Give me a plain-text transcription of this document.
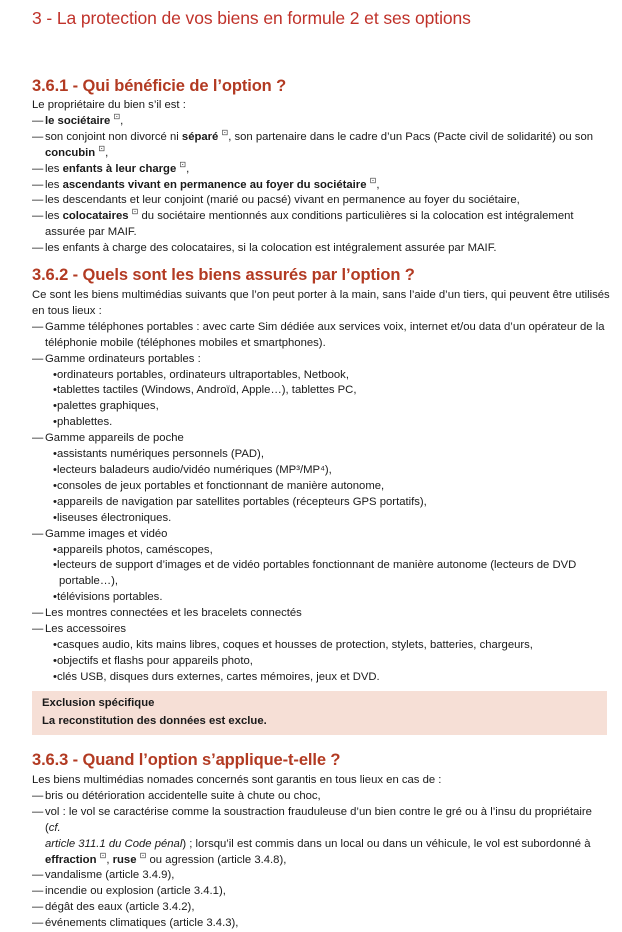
3 - La protection de vos biens en formule 2 et ses options
3.6.1 - Qui bénéficie de l’option ?
Le propriétaire du bien s’il est :
— le sociétaire ⊡,
— son conjoint non divorcé ni séparé ⊡, son partenaire dans le cadre d’un Pacs (Pacte civil de solidarité) ou son
concubin ⊡,
— les enfants à leur charge ⊡,
— les ascendants vivant en permanence au foyer du sociétaire ⊡,
— les descendants et leur conjoint (marié ou pacsé) vivant en permanence au foyer du sociétaire,
— les colocataires ⊡ du sociétaire mentionnés aux conditions particulières si la colocation est intégralement
assurée par MAIF.
— les enfants à charge des colocataires, si la colocation est intégralement assurée par MAIF.
3.6.2 - Quels sont les biens assurés par l’option ?
Ce sont les biens multimédias suivants que l’on peut porter à la main, sans l’aide d’un tiers, qui peuvent être utilisés
en tous lieux :
— Gamme téléphones portables : avec carte Sim dédiée aux services voix, internet et/ou data d’un opérateur de la
téléphonie mobile (téléphones mobiles et smartphones).
— Gamme ordinateurs portables :
•ordinateurs portables, ordinateurs ultraportables, Netbook,
•tablettes tactiles (Windows, Androïd, Apple…), tablettes PC,
•palettes graphiques,
•phablettes.
— Gamme appareils de poche
•assistants numériques personnels (PAD),
•lecteurs baladeurs audio/vidéo numériques (MP³/MP⁴),
•consoles de jeux portables et fonctionnant de manière autonome,
•appareils de navigation par satellites portables (récepteurs GPS portatifs),
•liseuses électroniques.
— Gamme images et vidéo
•appareils photos, caméscopes,
•lecteurs de support d’images et de vidéo portables fonctionnant de manière autonome (lecteurs de DVD
portable…),
•télévisions portables.
— Les montres connectées et les bracelets connectés
— Les accessoires
•casques audio, kits mains libres, coques et housses de protection, stylets, batteries, chargeurs,
•objectifs et flashs pour appareils photo,
•clés USB, disques durs externes, cartes mémoires, jeux et DVD.
Exclusion spécifique
La reconstitution des données est exclue.
3.6.3 - Quand l’option s’applique-t-elle ?
Les biens multimédias nomades concernés sont garantis en tous lieux en cas de :
— bris ou détérioration accidentelle suite à chute ou choc,
— vol : le vol se caractérise comme la soustraction frauduleuse d’un bien contre le gré ou à l’insu du propriétaire (cf.
article 311.1 du Code pénal) ; lorsqu’il est commis dans un local ou dans un véhicule, le vol est subordonné à
effraction ⊡, ruse ⊡ ou agression (article 3.4.8),
— vandalisme (article 3.4.9),
— incendie ou explosion (article 3.4.1),
— dégât des eaux (article 3.4.2),
— événements climatiques (article 3.4.3),
